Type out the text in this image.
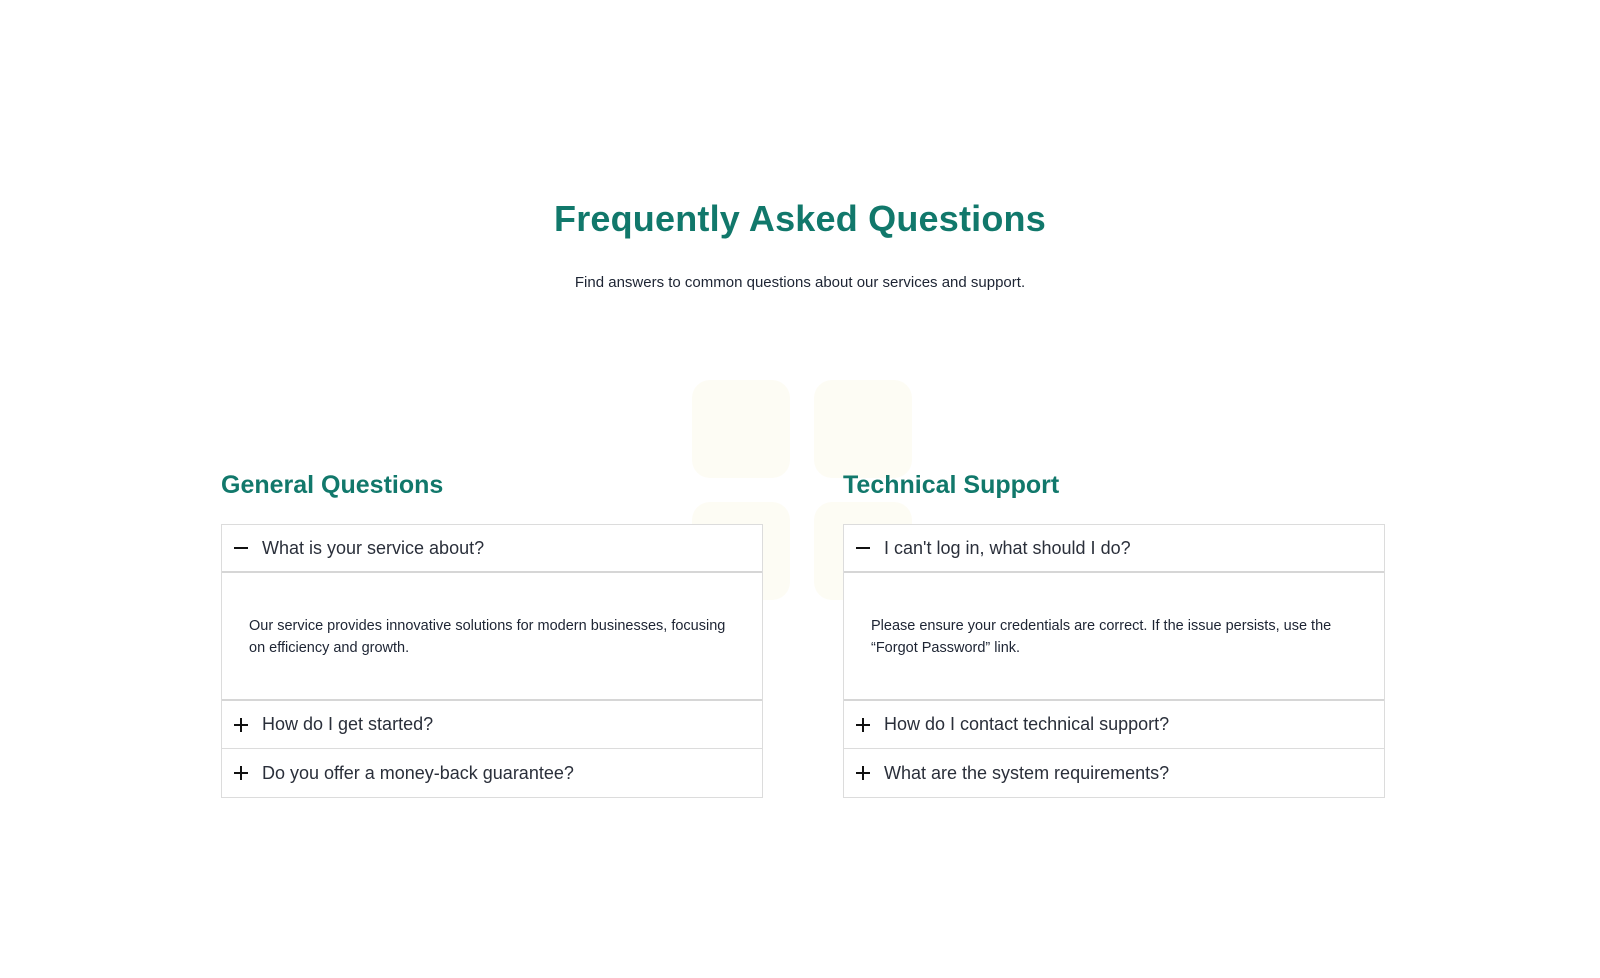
Frequently Asked Questions

Find answers to common questions about our services and support.

General Questions
What is your service about?
Our service provides innovative solutions for modern businesses, focusing on efficiency and growth.
How do I get started?
Do you offer a money-back guarantee?
Technical Support
I can't log in, what should I do?
Please ensure your credentials are correct. If the issue persists, use the “Forgot Password” link.
How do I contact technical support?
What are the system requirements?
